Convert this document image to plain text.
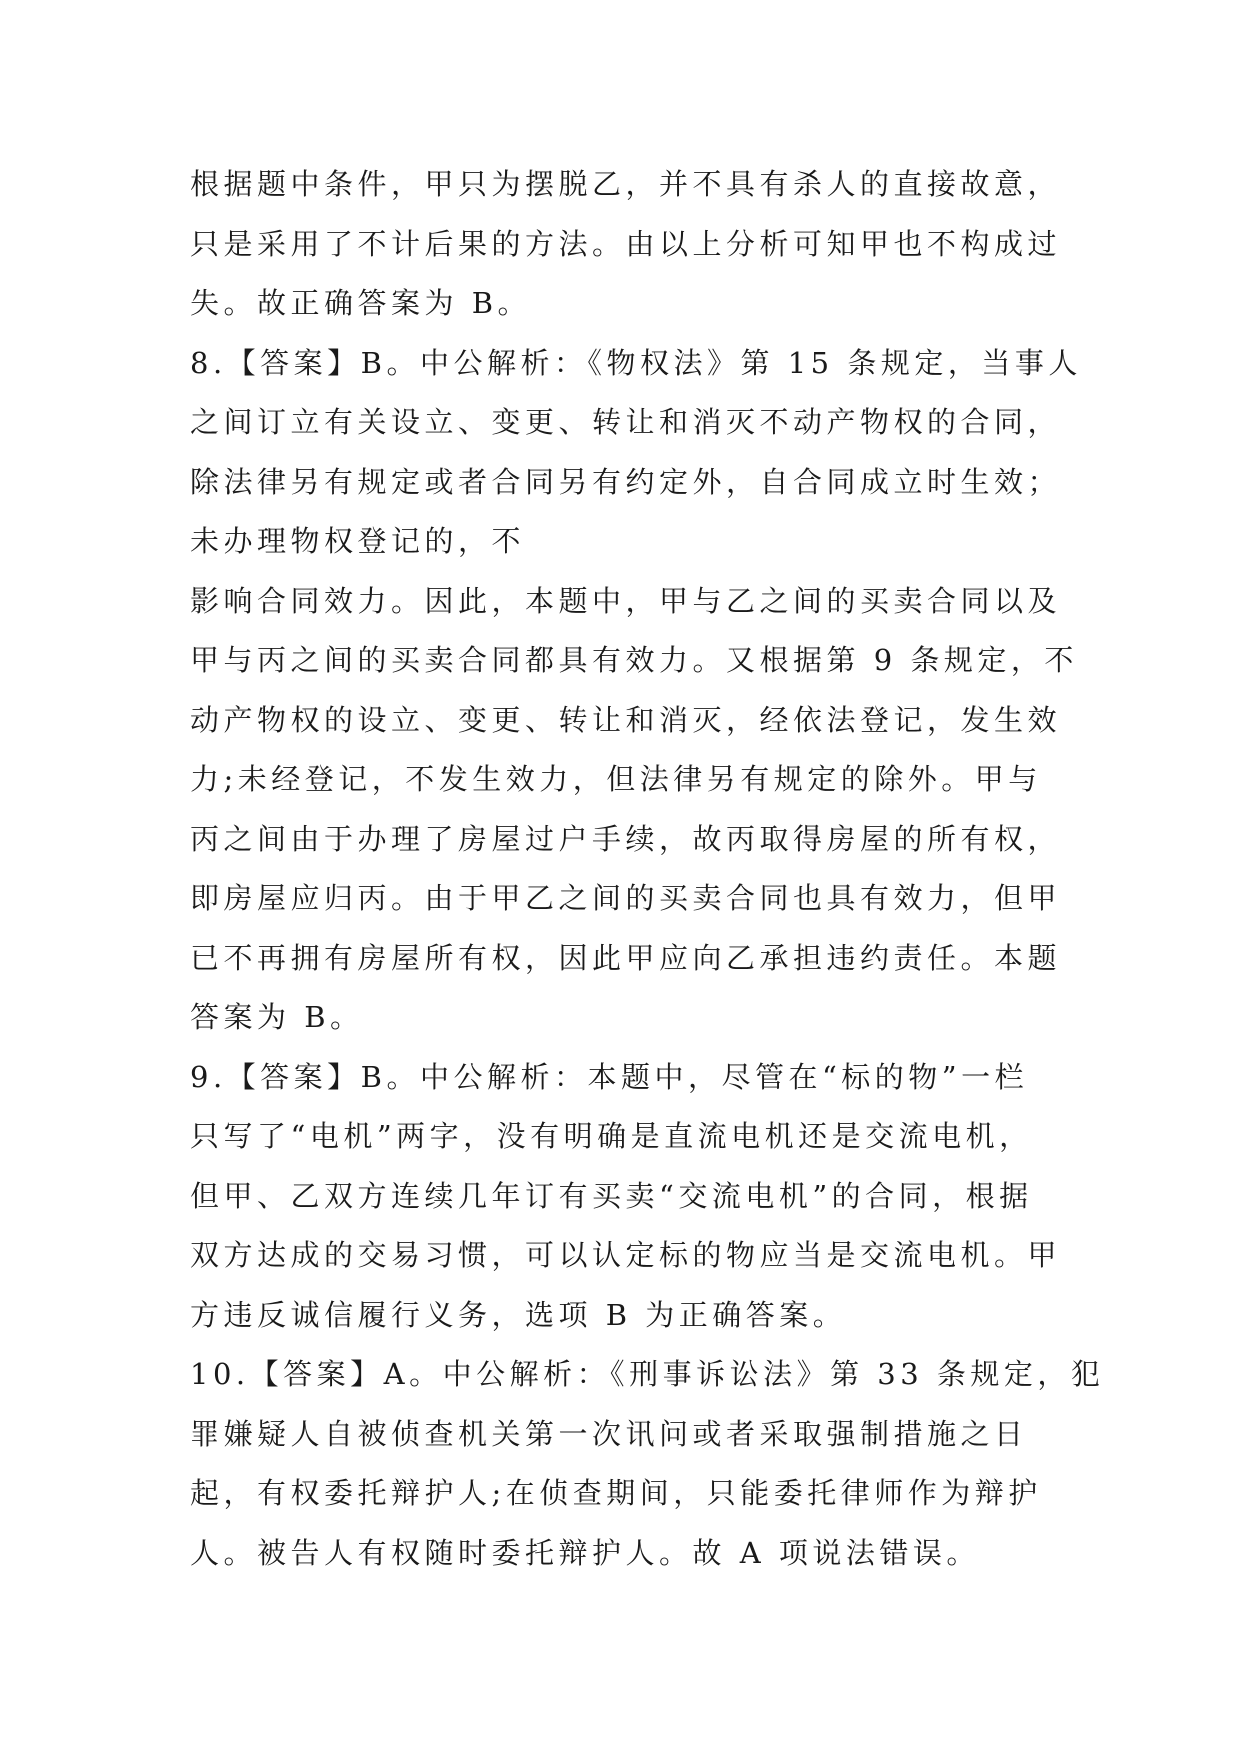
根据题中条件，甲只为摆脱乙，并不具有杀人的直接故意，
只是采用了不计后果的方法。由以上分析可知甲也不构成过
失。故正确答案为 B。
8.【答案】B。中公解析：《物权法》第 15 条规定，当事人
之间订立有关设立、变更、转让和消灭不动产物权的合同，
除法律另有规定或者合同另有约定外，自合同成立时生效；
未办理物权登记的，不
影响合同效力。因此，本题中，甲与乙之间的买卖合同以及
甲与丙之间的买卖合同都具有效力。又根据第 9 条规定，不
动产物权的设立、变更、转让和消灭，经依法登记，发生效
力;未经登记，不发生效力，但法律另有规定的除外。甲与
丙之间由于办理了房屋过户手续，故丙取得房屋的所有权，
即房屋应归丙。由于甲乙之间的买卖合同也具有效力，但甲
已不再拥有房屋所有权，因此甲应向乙承担违约责任。本题
答案为 B。
9.【答案】B。中公解析：本题中，尽管在“标的物”一栏
只写了“电机”两字，没有明确是直流电机还是交流电机，
但甲、乙双方连续几年订有买卖“交流电机”的合同，根据
双方达成的交易习惯，可以认定标的物应当是交流电机。甲
方违反诚信履行义务，选项 B 为正确答案。
10.【答案】A。中公解析：《刑事诉讼法》第 33 条规定，犯
罪嫌疑人自被侦查机关第一次讯问或者采取强制措施之日
起，有权委托辩护人;在侦查期间，只能委托律师作为辩护
人。被告人有权随时委托辩护人。故 A 项说法错误。
